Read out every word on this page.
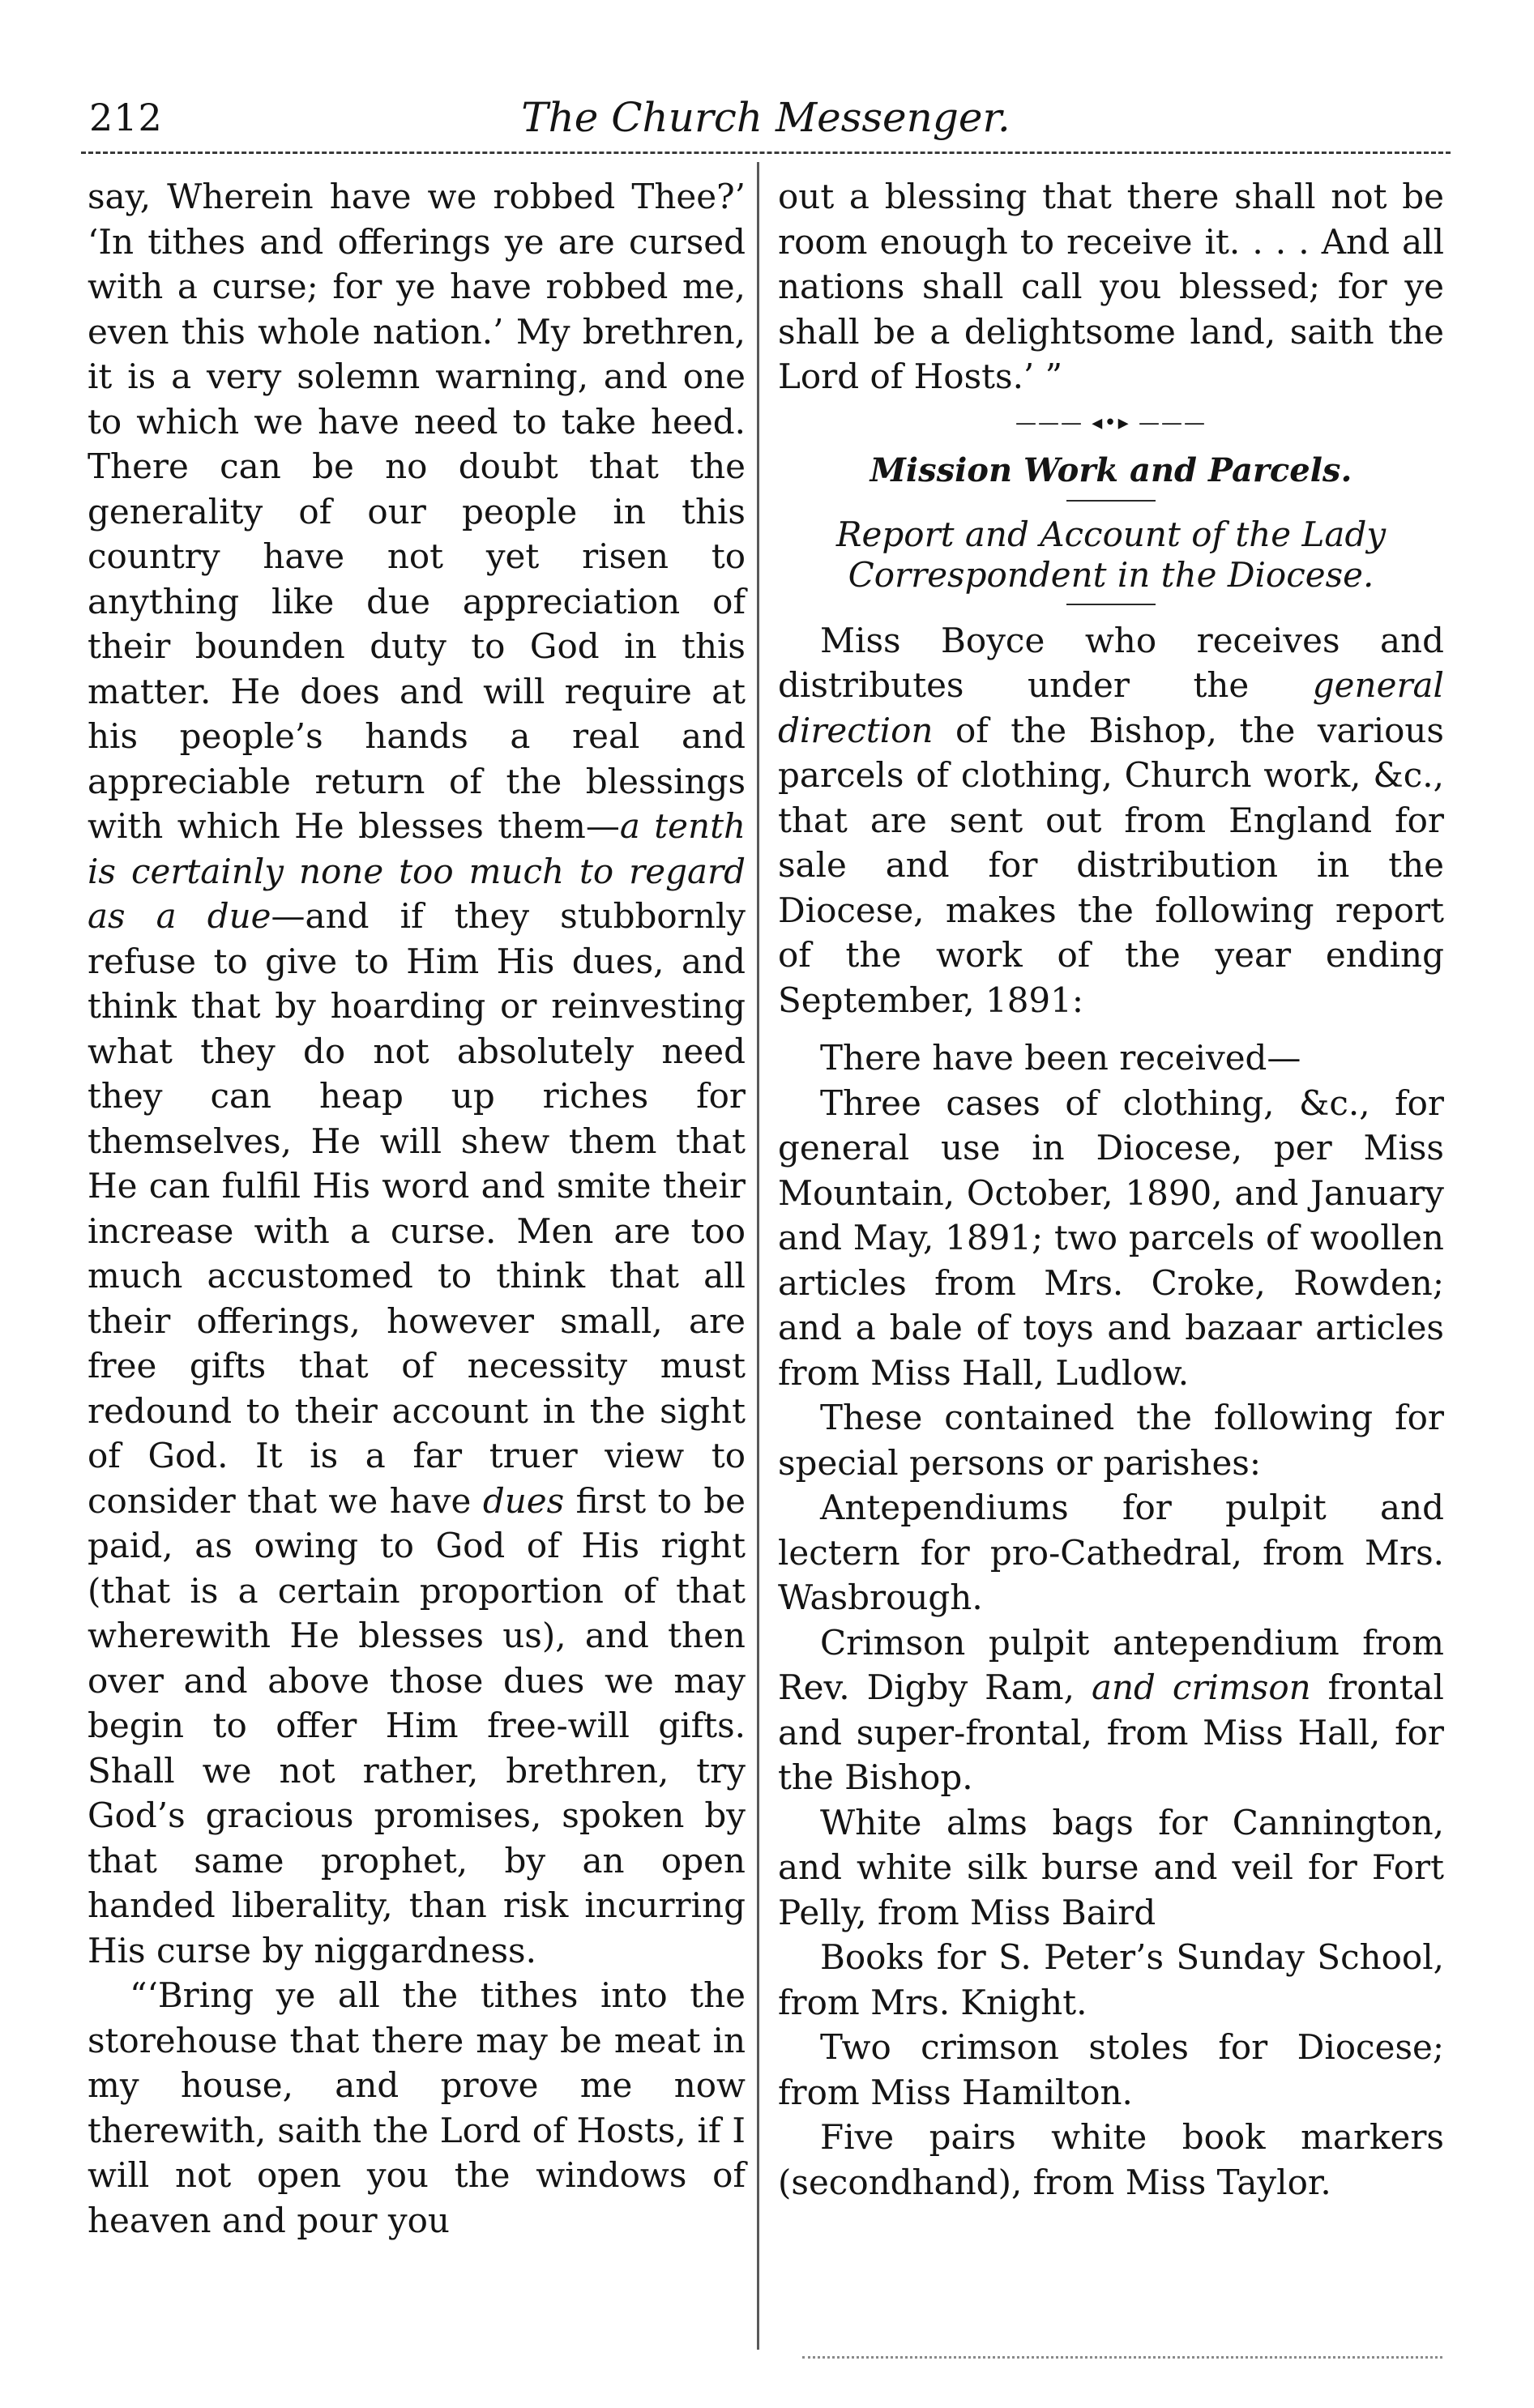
212	The Church Messenger.

say, Wherein have we robbed Thee?’ ‘In tithes and offerings ye are cursed with a curse; for ye have robbed me, even this whole nation.’ My brethren, it is a very solemn warning, and one to which we have need to take heed. There can be no doubt that the generality of our people in this country have not yet risen to anything like due appreciation of their bounden duty to God in this matter. He does and will require at his people’s hands a real and appreciable return of the blessings with which He blesses them—a tenth is certainly none too much to regard as a due—and if they stubbornly refuse to give to Him His dues, and think that by hoarding or reinvesting what they do not absolutely need they can heap up riches for themselves, He will shew them that He can fulfil His word and smite their increase with a curse. Men are too much accustomed to think that all their offerings, however small, are free gifts that of necessity must redound to their account in the sight of God. It is a far truer view to consider that we have dues first to be paid, as owing to God of His right (that is a certain proportion of that wherewith He blesses us), and then over and above those dues we may begin to offer Him free-will gifts. Shall we not rather, brethren, try God’s gracious promises, spoken by that same prophet, by an open handed liberality, than risk incurring His curse by niggardness.

“‘Bring ye all the tithes into the storehouse that there may be meat in my house, and prove me now therewith, saith the Lord of Hosts, if I will not open you the windows of heaven and pour you

out a blessing that there shall not be room enough to receive it. . . . And all nations shall call you blessed; for ye shall be a delightsome land, saith the Lord of Hosts.’ ”

——— ◂•▸ ———

Mission Work and Parcels.

Report and Account of the Lady Correspondent in the Diocese.

Miss Boyce who receives and distributes under the general direction of the Bishop, the various parcels of clothing, Church work, &c., that are sent out from England for sale and for distribution in the Diocese, makes the following report of the work of the year ending September, 1891:

There have been received—

Three cases of clothing, &c., for general use in Diocese, per Miss Mountain, October, 1890, and January and May, 1891; two parcels of woollen articles from Mrs. Croke, Rowden; and a bale of toys and bazaar articles from Miss Hall, Ludlow.

These contained the following for special persons or parishes:

Antependiums for pulpit and lectern for pro-Cathedral, from Mrs. Wasbrough.

Crimson pulpit antependium from Rev. Digby Ram, and crimson frontal and super-frontal, from Miss Hall, for the Bishop.

White alms bags for Cannington, and white silk burse and veil for Fort Pelly, from Miss Baird

Books for S. Peter’s Sunday School, from Mrs. Knight.

Two crimson stoles for Diocese; from Miss Hamilton.

Five pairs white book markers (secondhand), from Miss Taylor.
